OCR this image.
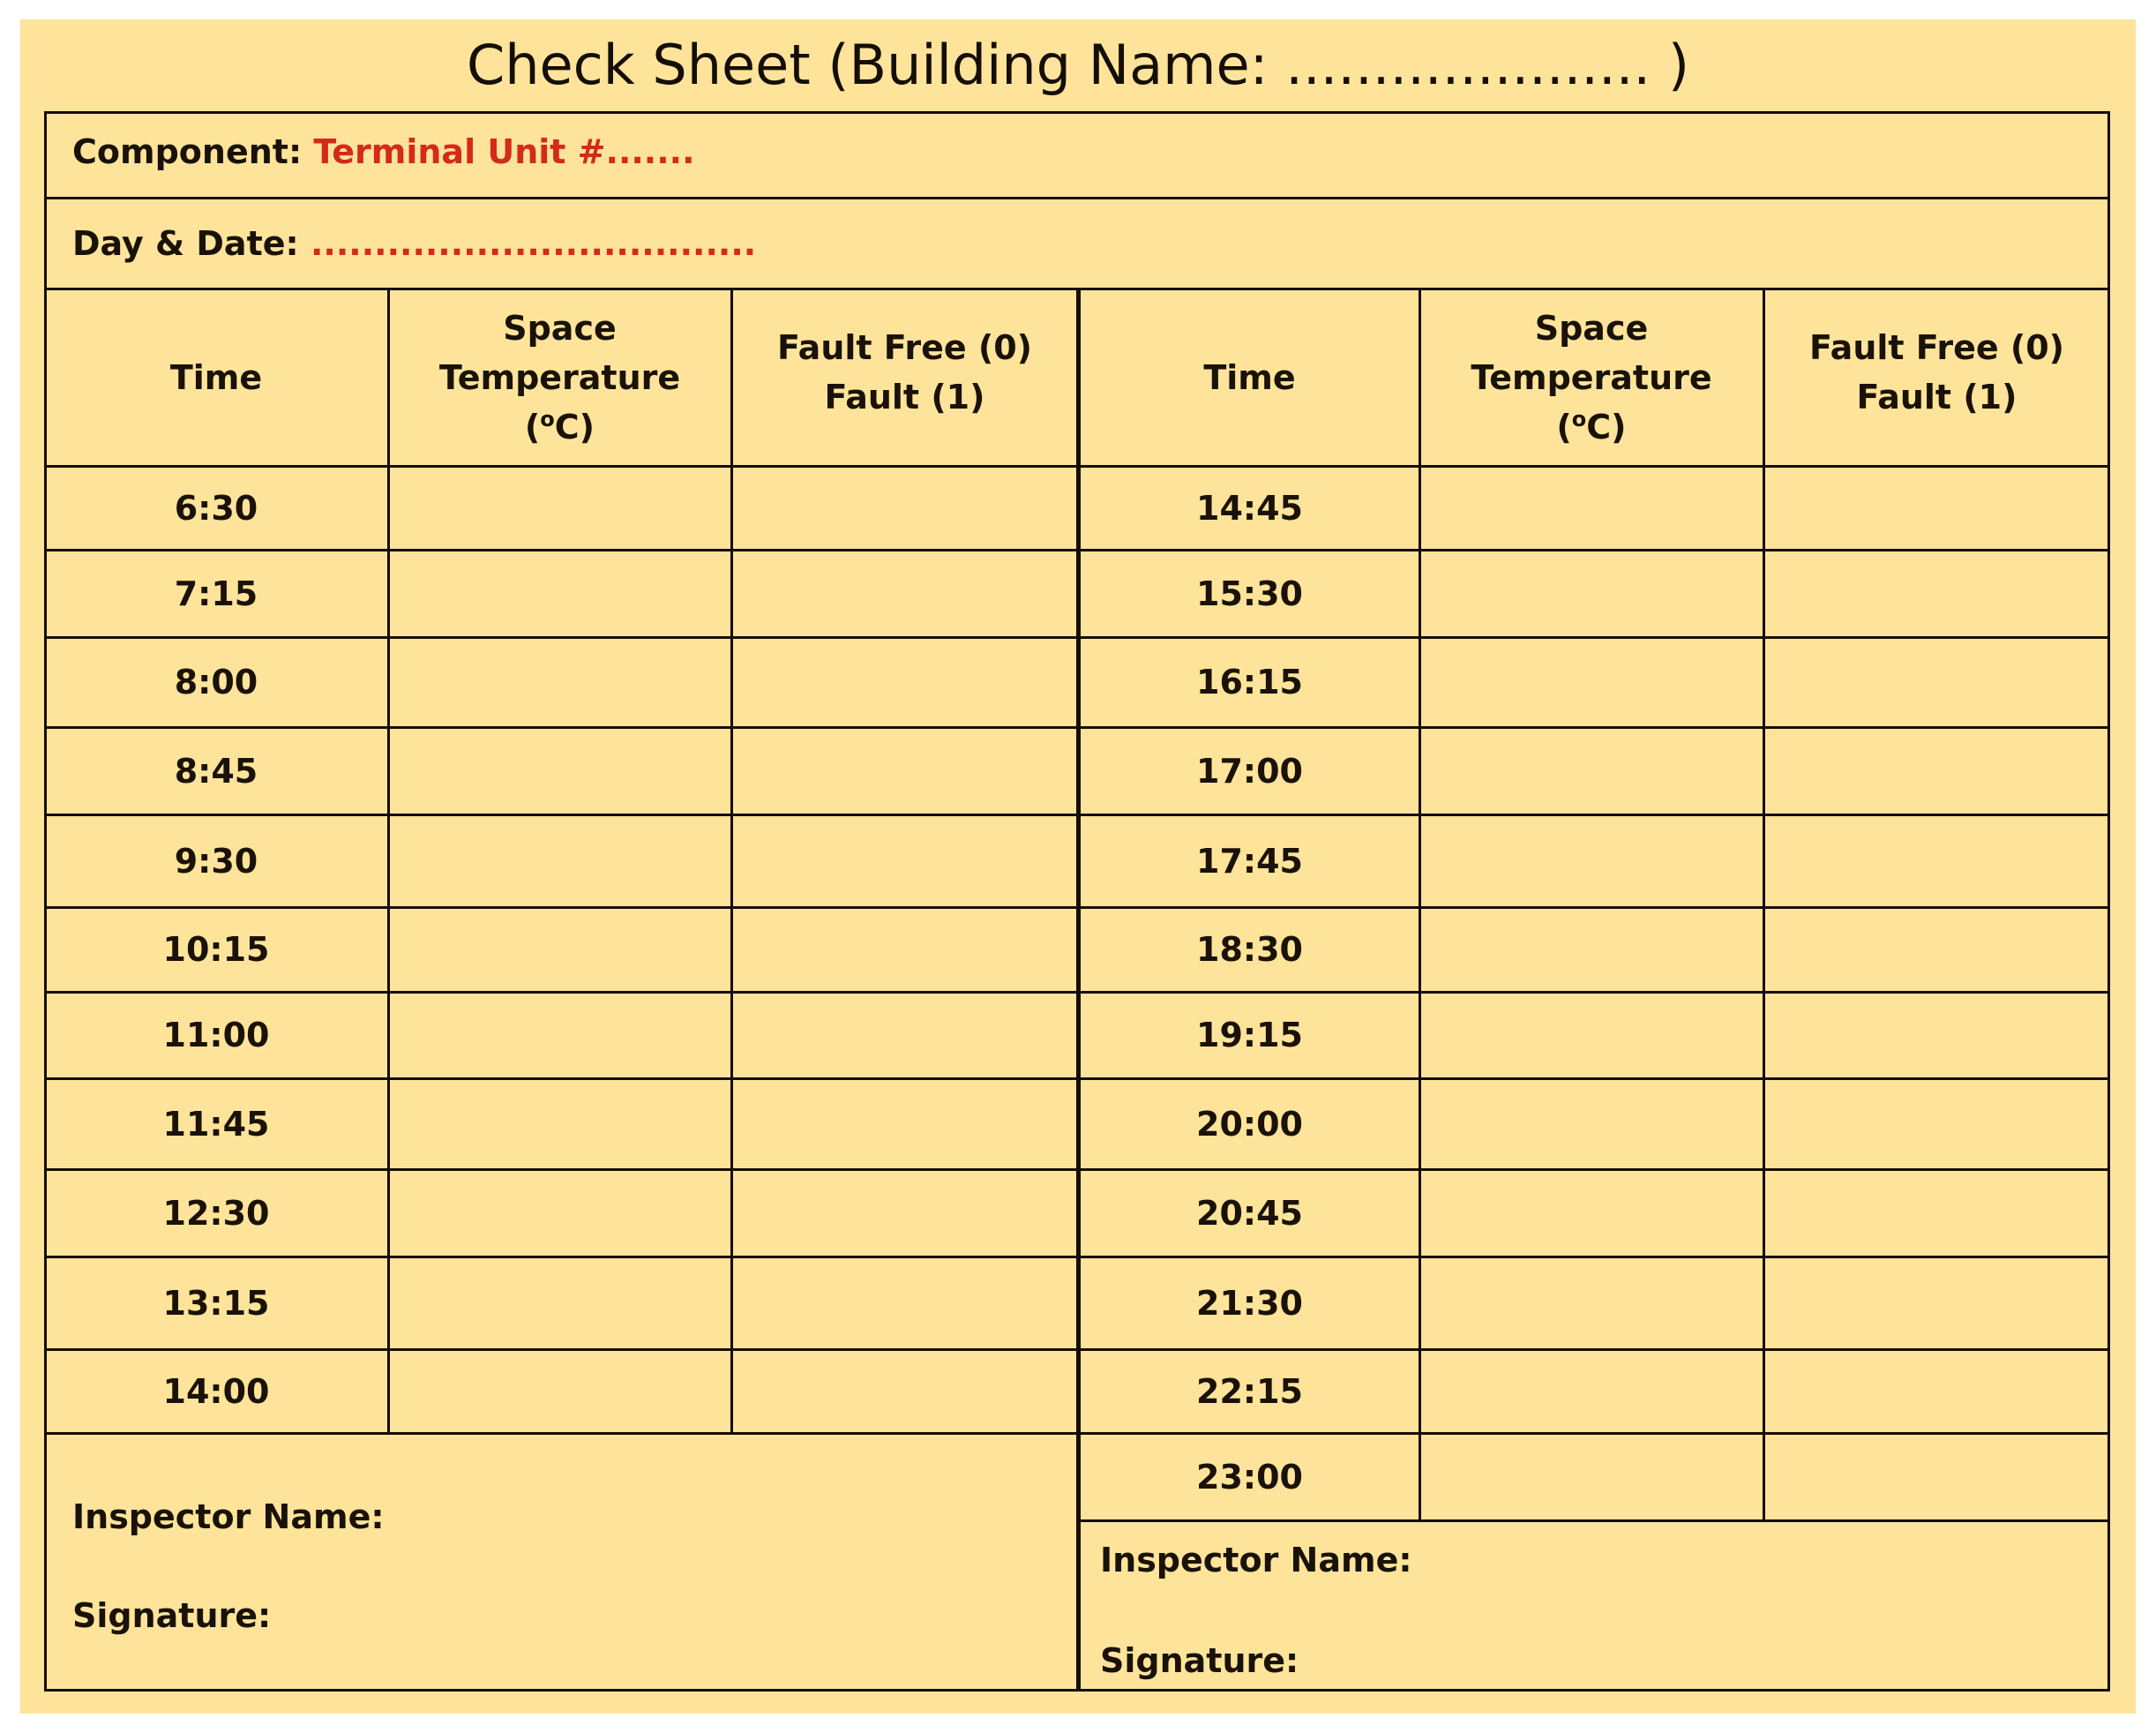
Check Sheet (Building Name: ..................... )
Component: Terminal Unit #.......
Day & Date: ...................................
Time
Space
Temperature
($^o$C)
Fault Free (0)
Fault (1)
Time
Space
Temperature
($^o$C)
Fault Free (0)
Fault (1)
6:30
7:15
8:00
8:45
9:30
10:15
11:00
11:45
12:30
13:15
14:00
14:45
15:30
16:15
17:00
17:45
18:30
19:15
20:00
20:45
21:30
22:15
23:00
Inspector Name:
Signature:
Inspector Name:
Signature:
